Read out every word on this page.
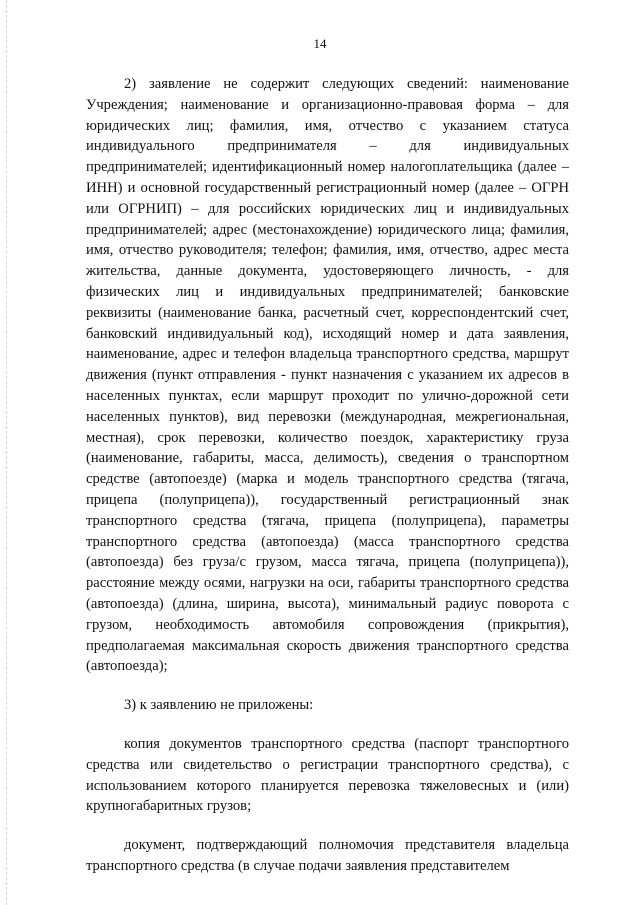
14

2) заявление не содержит следующих сведений: наименование Учреждения; наименование и организационно-правовая форма – для юридических лиц; фамилия, имя, отчество с указанием статуса индивидуального предпринимателя – для индивидуальных предпринимателей; идентификационный номер налогоплательщика (далее – ИНН) и основной государственный регистрационный номер (далее – ОГРН или ОГРНИП) – для российских юридических лиц и индивидуальных предпринимателей; адрес (местонахождение) юридического лица; фамилия, имя, отчество руководителя; телефон; фамилия, имя, отчество, адрес места жительства, данные документа, удостоверяющего личность, - для физических лиц и индивидуальных предпринимателей; банковские реквизиты (наименование банка, расчетный счет, корреспондентский счет, банковский индивидуальный код), исходящий номер и дата заявления, наименование, адрес и телефон владельца транспортного средства, маршрут движения (пункт отправления - пункт назначения с указанием их адресов в населенных пунктах, если маршрут проходит по улично-дорожной сети населенных пунктов), вид перевозки (международная, межрегиональная, местная), срок перевозки, количество поездок, характеристику груза (наименование, габариты, масса, делимость), сведения о транспортном средстве (автопоезде) (марка и модель транспортного средства (тягача, прицепа (полуприцепа)), государственный регистрационный знак транспортного средства (тягача, прицепа (полуприцепа), параметры транспортного средства (автопоезда) (масса транспортного средства (автопоезда) без груза/с грузом, масса тягача, прицепа (полуприцепа)), расстояние между осями, нагрузки на оси, габариты транспортного средства (автопоезда) (длина, ширина, высота), минимальный радиус поворота с грузом, необходимость автомобиля сопровождения (прикрытия), предполагаемая максимальная скорость движения транспортного средства (автопоезда);

3) к заявлению не приложены:

копия документов транспортного средства (паспорт транспортного средства или свидетельство о регистрации транспортного средства), с использованием которого планируется перевозка тяжеловесных и (или) крупногабаритных грузов;

документ, подтверждающий полномочия представителя владельца транспортного средства (в случае подачи заявления представителем
